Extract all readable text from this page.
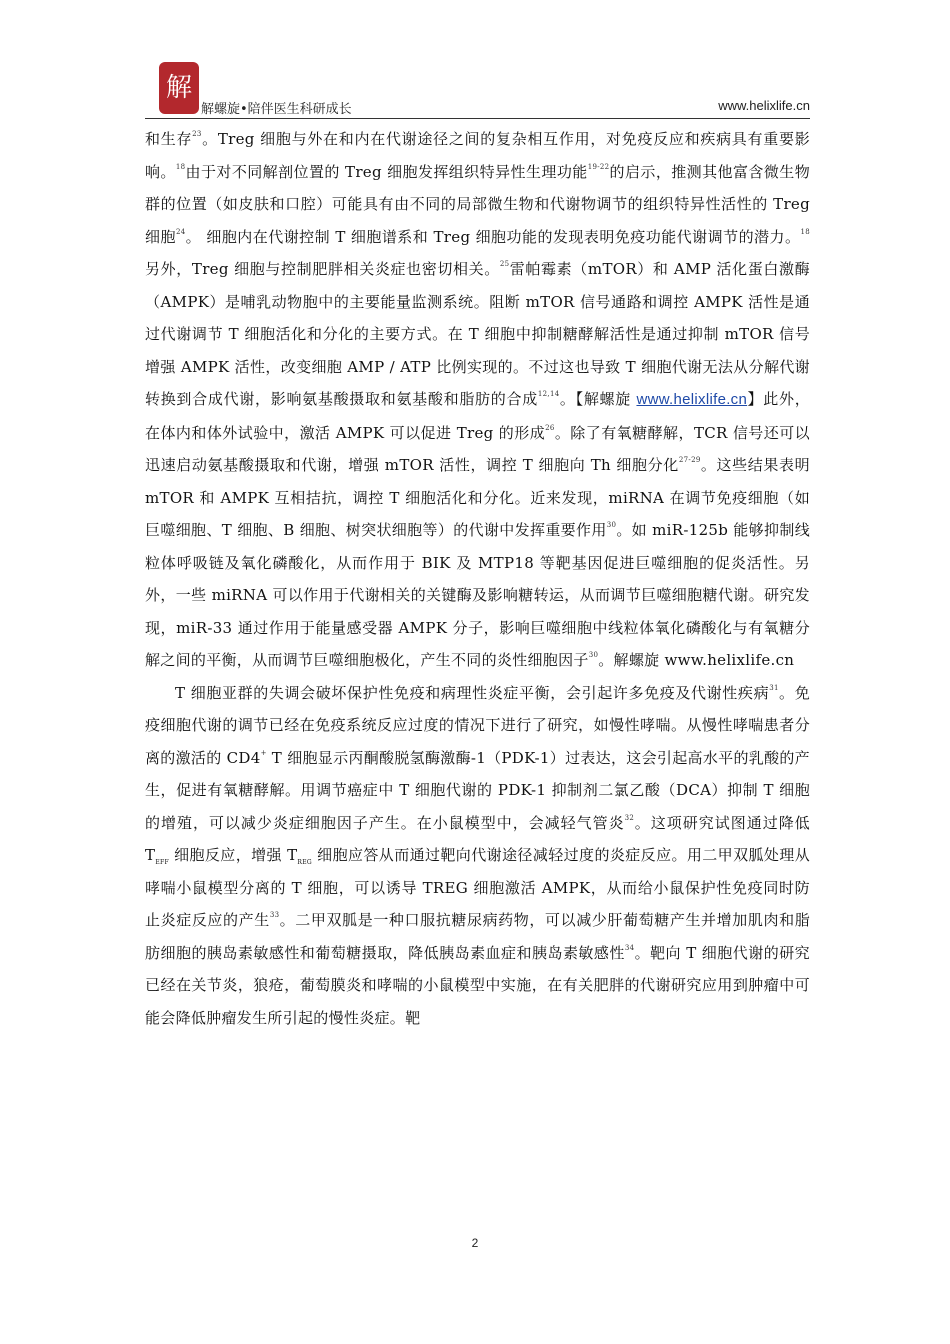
解
解螺旋•陪伴医生科研成长	www.helixlife.cn

和生存$^{23}$。Treg 细胞与外在和内在代谢途径之间的复杂相互作用，对免疫反应和疾病具有重要影响。$^{18}$由于对不同解剖位置的 Treg 细胞发挥组织特异性生理功能$^{19-22}$的启示，推测其他富含微生物群的位置（如皮肤和口腔）可能具有由不同的局部微生物和代谢物调节的组织特异性活性的 Treg 细胞$^{24}$。 细胞内在代谢控制 T 细胞谱系和 Treg 细胞功能的发现表明免疫功能代谢调节的潜力。$^{18}$另外，Treg 细胞与控制肥胖相关炎症也密切相关。$^{25}$雷帕霉素（mTOR）和 AMP 活化蛋白激酶（AMPK）是哺乳动物胞中的主要能量监测系统。阻断 mTOR 信号通路和调控 AMPK 活性是通过代谢调节 T 细胞活化和分化的主要方式。在 T 细胞中抑制糖酵解活性是通过抑制 mTOR 信号增强 AMPK 活性，改变细胞 AMP / ATP 比例实现的。不过这也导致 T 细胞代谢无法从分解代谢转换到合成代谢，影响氨基酸摄取和氨基酸和脂肪的合成$^{12,14}$。【解螺旋 www.helixlife.cn】此外，在体内和体外试验中，激活 AMPK 可以促进 Treg 的形成$^{26}$。除了有氧糖酵解，TCR 信号还可以迅速启动氨基酸摄取和代谢，增强 mTOR 活性，调控 T 细胞向 Th 细胞分化$^{27-29}$。这些结果表明 mTOR 和 AMPK 互相拮抗，调控 T 细胞活化和分化。近来发现，miRNA 在调节免疫细胞（如巨噬细胞、T 细胞、B 细胞、树突状细胞等）的代谢中发挥重要作用$^{30}$。如 miR-125b 能够抑制线粒体呼吸链及氧化磷酸化，从而作用于 BIK 及 MTP18 等靶基因促进巨噬细胞的促炎活性。另外，一些 miRNA 可以作用于代谢相关的关键酶及影响糖转运，从而调节巨噬细胞糖代谢。研究发现，miR-33 通过作用于能量感受器 AMPK 分子，影响巨噬细胞中线粒体氧化磷酸化与有氧糖分解之间的平衡，从而调节巨噬细胞极化，产生不同的炎性细胞因子$^{30}$。解螺旋 www.helixlife.cn

T 细胞亚群的失调会破坏保护性免疫和病理性炎症平衡，会引起许多免疫及代谢性疾病$^{31}$。免疫细胞代谢的调节已经在免疫系统反应过度的情况下进行了研究，如慢性哮喘。从慢性哮喘患者分离的激活的 CD4+ T 细胞显示丙酮酸脱氢酶激酶-1（PDK-1）过表达，这会引起高水平的乳酸的产生，促进有氧糖酵解。用调节癌症中 T 细胞代谢的 PDK-1 抑制剂二氯乙酸（DCA）抑制 T 细胞的增殖，可以减少炎症细胞因子产生。在小鼠模型中，会减轻气管炎$^{32}$。这项研究试图通过降低 $T_{EFF}$ 细胞反应，增强 $T_{REG}$ 细胞应答从而通过靶向代谢途径减轻过度的炎症反应。用二甲双胍处理从哮喘小鼠模型分离的 T 细胞，可以诱导 TREG 细胞激活 AMPK，从而给小鼠保护性免疫同时防止炎症反应的产生$^{33}$。二甲双胍是一种口服抗糖尿病药物，可以减少肝葡萄糖产生并增加肌肉和脂肪细胞的胰岛素敏感性和葡萄糖摄取，降低胰岛素血症和胰岛素敏感性$^{34}$。靶向 T 细胞代谢的研究已经在关节炎，狼疮，葡萄膜炎和哮喘的小鼠模型中实施，在有关肥胖的代谢研究应用到肿瘤中可能会降低肿瘤发生所引起的慢性炎症。靶

2
